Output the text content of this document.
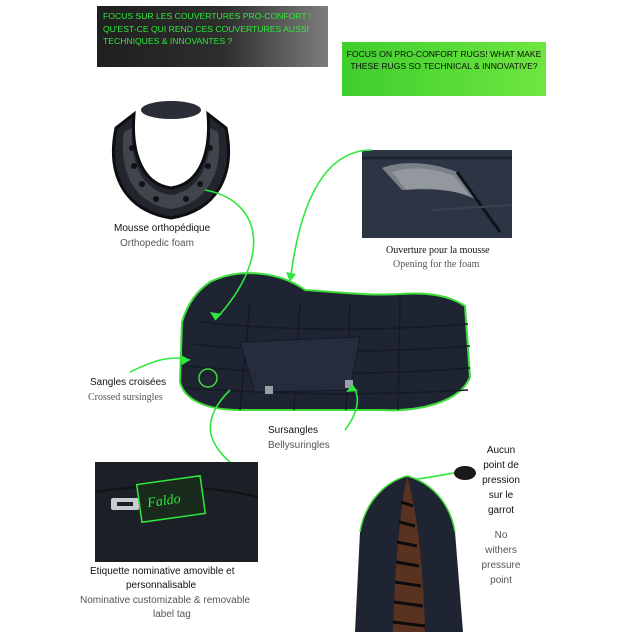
FOCUS SUR LES COUVERTURES PRO-CONFORT ! QU'EST-CE QUI REND CES COUVERTURES AUSSI TECHNIQUES & INNOVANTES ?
FOCUS ON PRO-CONFORT RUGS! WHAT MAKE THESE RUGS SO TECHNICAL & INNOVATIVE?
Mousse orthopédique
Orthopedic foam
Ouverture pour la mousse
Opening for the foam
Sangles croisées
Crossed sursingles
Sursangles
Bellysuringles
Faldo
Etiquette nominative amovible et
personnalisable
Nominative customizable & removable
label tag
Aucun
point de
pression
sur le
garrot
No
withers
pressure
point
